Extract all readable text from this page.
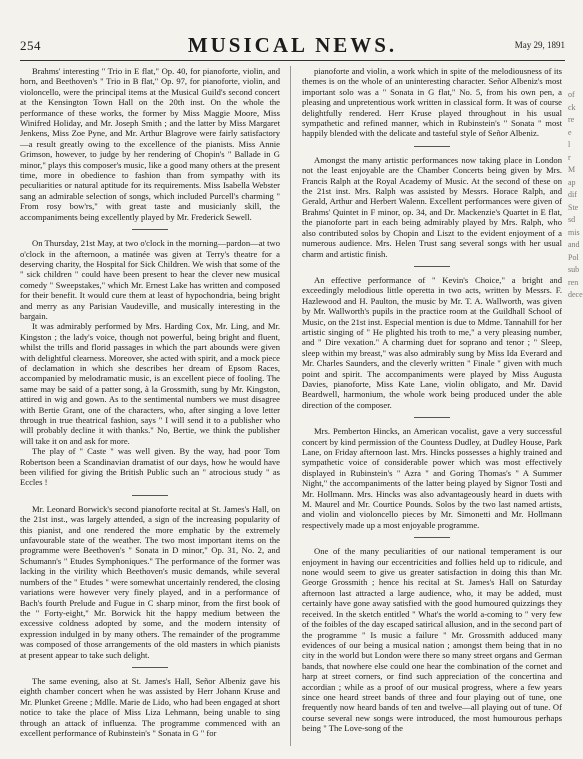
254	MUSICAL NEWS.	May 29, 1891

Brahms' interesting " Trio in E flat," Op. 40, for pianoforte, violin, and horn, and Beethoven's " Trio in B flat," Op. 97, for pianoforte, violin, and violoncello, were the principal items at the Musical Guild's second concert at the Kensington Town Hall on the 20th inst. On the whole the performance of these works, the former by Miss Maggie Moore, Miss Winifred Holiday, and Mr. Joseph Smith ; and the latter by Miss Margaret Jenkens, Miss Zoe Pyne, and Mr. Arthur Blagrove were fairly satisfactory—a result greatly owing to the excellence of the pianists. Miss Annie Grimson, however, to judge by her rendering of Chopin's " Ballade in G minor," plays this composer's music, like a good many others at the present time, more in obedience to fashion than from sympathy with its peculiarities or natural aptitude for its requirements. Miss Isabella Webster sang an admirable selection of songs, which included Purcell's charming " From rosy bow'rs," with great taste and musicianly skill, the accompaniments being excellently played by Mr. Frederick Sewell.

On Thursday, 21st May, at two o'clock in the morning—pardon—at two o'clock in the afternoon, a matinée was given at Terry's theatre for a deserving charity, the Hospital for Sick Children. We wish that some of the " sick children " could have been present to hear the clever new musical comedy " Sweepstakes," which Mr. Ernest Lake has written and composed for their benefit. It would cure them at least of hypochondria, being bright and merry as any Parisian Vaudeville, and musically interesting in the bargain.

It was admirably performed by Mrs. Harding Cox, Mr. Ling, and Mr. Kingston ; the lady's voice, though not powerful, being bright and fluent, whilst the trills and florid passages in which the part abounds were given with delightful clearness. Moreover, she acted with spirit, and a mock piece of declamation in which she describes her dream of Epsom Races, accompanied by melodramatic music, is an excellent piece of fooling. The same may be said of a patter song, à la Grossmith, sung by Mr. Kingston, attired in wig and gown. As to the sentimental numbers we must disagree with Bertie Grant, one of the characters, who, after singing a love letter through in true theatrical fashion, says " I will send it to a publisher who will probably decline it with thanks." No, Bertie, we think the publisher will take it on and ask for more.

The play of " Caste " was well given. By the way, had poor Tom Robertson been a Scandinavian dramatist of our days, how he would have been vilified for giving the British Public such an " atrocious study " as Eccles !

Mr. Leonard Borwick's second pianoforte recital at St. James's Hall, on the 21st inst., was largely attended, a sign of the increasing popularity of this pianist, and one rendered the more emphatic by the extremely unfavourable state of the weather. The two most important items on the programme were Beethoven's " Sonata in D minor," Op. 31, No. 2, and Schumann's " Etudes Symphoniques." The performance of the former was lacking in the virility which Beethoven's music demands, while several numbers of the " Etudes " were somewhat uncertainly rendered, the closing variations were however very finely played, and in a performance of Bach's fourth Prelude and Fugue in C sharp minor, from the first book of the " Forty-eight," Mr. Borwick hit the happy medium between the excessive coldness adopted by some, and the modern intensity of expression indulged in by many others. The remainder of the programme was composed of those arrangements of the old masters in which pianists at present appear to take such delight.

The same evening, also at St. James's Hall, Señor Albeniz gave his eighth chamber concert when he was assisted by Herr Johann Kruse and Mr. Plunket Greene ; Mdlle. Marie de Lido, who had been engaged at short notice to take the place of Miss Liza Lehmann, being unable to sing through an attack of influenza. The programme commenced with an excellent performance of Rubinstein's " Sonata in G " for

pianoforte and violin, a work which in spite of the melodiousness of its themes is on the whole of an uninteresting character. Señor Albeniz's most important solo was a " Sonata in G flat," No. 5, from his own pen, a pleasing and unpretentious work written in classical form. It was of course delightfully rendered. Herr Kruse played throughout in his usual sympathetic and refined manner, which in Rubinstein's " Sonata " most happily blended with the delicate and tasteful style of Señor Albeniz.

Amongst the many artistic performances now taking place in London not the least enjoyable are the Chamber Concerts being given by Mrs. Francis Ralph at the Royal Academy of Music. At the second of these on the 21st inst. Mrs. Ralph was assisted by Messrs. Horace Ralph, and Gerald, Arthur and Herbert Walenn. Excellent performances were given of Brahms' Quintet in F minor, op. 34, and Dr. Mackenzie's Quartet in E flat, the pianoforte part in each being admirably played by Mrs. Ralph, who also contributed solos by Chopin and Liszt to the evident enjoyment of a numerous audience. Mrs. Helen Trust sang several songs with her usual charm and artistic finish.

An effective performance of " Kevin's Choice," a bright and exceedingly melodious little operetta in two acts, written by Messrs. F. Hazlewood and H. Paulton, the music by Mr. T. A. Wallworth, was given by Mr. Wallworth's pupils in the practice room at the Guildhall School of Music, on the 21st inst. Especial mention is due to Mdme. Tannahill for her artistic singing of " He plighted his troth to me," a very pleasing number, and " Dire vexation." A charming duet for soprano and tenor ; " Sleep, sleep within my breast," was also admirably sung by Miss Ida Everard and Mr. Charles Saunders, and the cleverly written " Finale " given with much point and spirit. The accompaniments were played by Miss Augusta Davies, pianoforte, Miss Kate Lane, violin obligato, and Mr. David Beardwell, harmonium, the whole work being produced under the able direction of the composer.

Mrs. Pemberton Hincks, an American vocalist, gave a very successful concert by kind permission of the Countess Dudley, at Dudley House, Park Lane, on Friday afternoon last. Mrs. Hincks possesses a highly trained and sympathetic voice of considerable power which was most effectively displayed in Rubinstein's " Azra " and Goring Thomas's " A Summer Night," the accompaniments of the latter being played by Signor Tosti and Mr. Hollmann. Mrs. Hincks was also advantageously heard in duets with M. Maurel and Mr. Courtice Pounds. Solos by the two last named artists, and violin and violoncello pieces by Mr. Simonetti and Mr. Hollmann respectively made up a most enjoyable programme.

One of the many peculiarities of our national temperament is our enjoyment in having our eccentricities and follies held up to ridicule, and none would seem to give us greater satisfaction in doing this than Mr. George Grossmith ; hence his recital at St. James's Hall on Saturday afternoon last attracted a large audience, who, it may be added, must certainly have gone away satisfied with the good humoured quizzings they received. In the sketch entitled " What's the world a-coming to " very few of the foibles of the day escaped satirical allusion, and in the second part of the programme " Is music a failure " Mr. Grossmith adduced many evidences of our being a musical nation ; amongst them being that in no city in the world but London were there so many street organs and German bands, that nowhere else could one hear the combination of the cornet and harp at street corners, or find such appreciation of the concertina and accordian ; while as a proof of our musical progress, where a few years since one heard street bands of three and four playing out of tune, one frequently now heard bands of ten and twelve—all playing out of tune. Of course several new songs were introduced, the most humourous perhaps being " The Love-song of the

of
ck
re
e
l
r
M
ap
dif
Ste
sd
mis
and
Pol
sub
ren
dece
